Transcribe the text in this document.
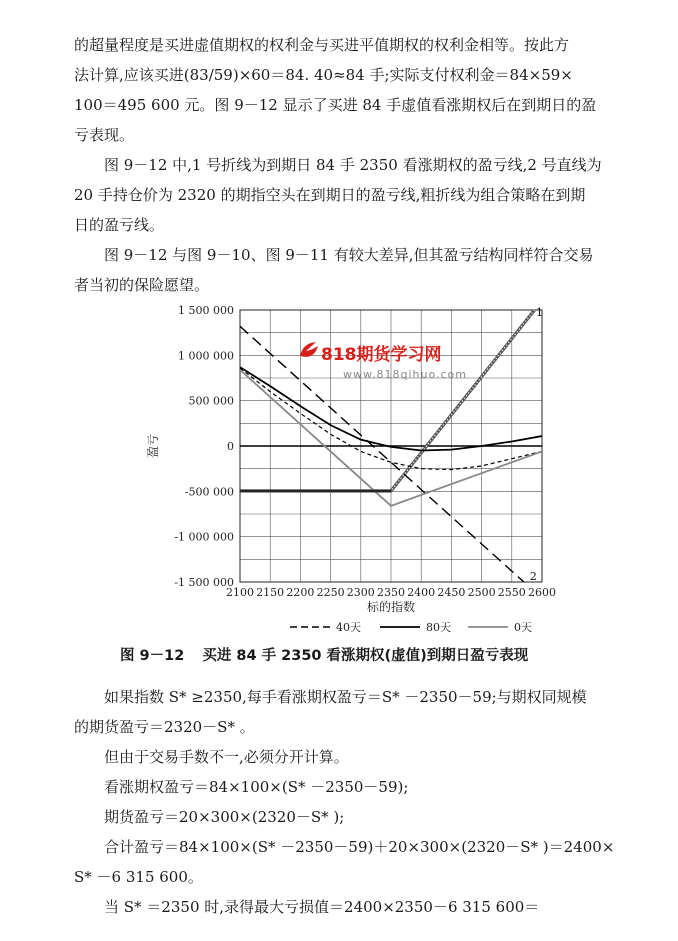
的超量程度是买进虚值期权的权利金与买进平值期权的权利金相等。按此方
法计算,应该买进(83/59)×60＝84. 40≈84 手;实际支付权利金＝84×59×
100＝495 600 元。图 9－12 显示了买进 84 手虚值看涨期权后在到期日的盈
亏表现。
图 9－12 中,1 号折线为到期日 84 手 2350 看涨期权的盈亏线,2 号直线为
20 手持仓价为 2320 的期指空头在到期日的盈亏线,粗折线为组合策略在到期
日的盈亏线。
图 9－12 与图 9－10、图 9－11 有较大差异,但其盈亏结构同样符合交易
者当初的保险愿望。
1 500 000
1 000 000
500 000
0
-500 000
-1 000 000
-1 500 000
2100 2150 2200 2250 2300 2350 2400 2450 2500 2550 2600
标的指数
盈亏
1
2
40天	80天	0天
818期货学习网
www.818qihuo.com
图 9－12 买进 84 手 2350 看涨期权(虚值)到期日盈亏表现
如果指数 S* ≥2350,每手看涨期权盈亏＝S* －2350－59;与期权同规模
的期货盈亏＝2320－S* 。
但由于交易手数不一,必须分开计算。
看涨期权盈亏＝84×100×(S* －2350－59);
期货盈亏＝20×300×(2320－S* );
合计盈亏＝84×100×(S* －2350－59)＋20×300×(2320－S* )＝2400×
S* －6 315 600。
当 S* ＝2350 时,录得最大亏损值＝2400×2350－6 315 600＝
